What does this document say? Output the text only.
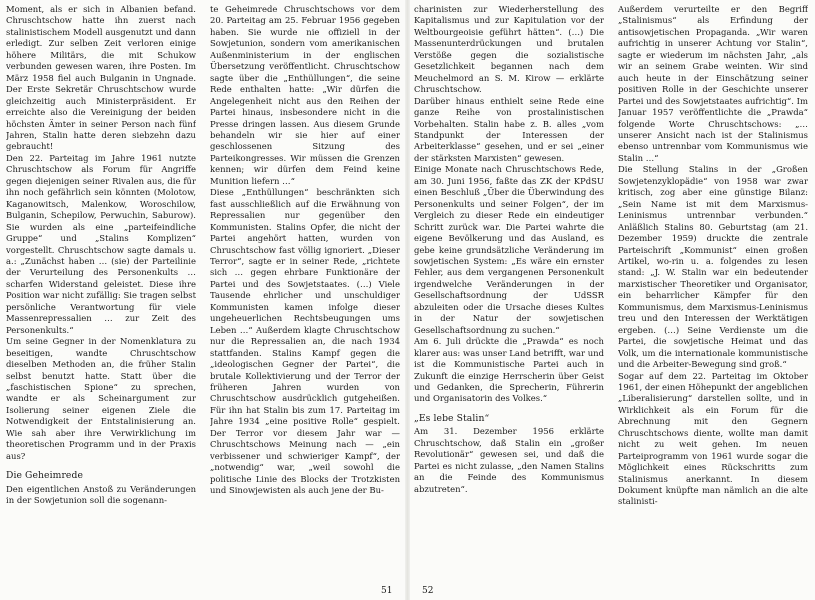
Moment, als er sich in Albanien befand. Chruschtschow hatte ihn zuerst nach stalinistischem Modell ausgenutzt und dann erledigt. Zur selben Zeit verloren einige höhere Militärs, die mit Schukow verbunden gewesen waren, ihre Posten. Im März 1958 fiel auch Bulganin in Ungnade. Der Erste Sekretär Chruschtschow wurde gleichzeitig auch Ministerpräsident. Er erreichte also die Vereinigung der beiden höchsten Ämter in seiner Person nach fünf Jahren, Stalin hatte deren siebzehn dazu gebraucht!

Den 22. Parteitag im Jahre 1961 nutzte Chruschtschow als Forum für Angriffe gegen diejenigen seiner Rivalen aus, die für ihn noch gefährlich sein könnten (Molotow, Kaganowitsch, Malenkow, Woroschilow, Bulganin, Schepilow, Perwuchin, Saburow). Sie wurden als eine „parteifeindliche Gruppe“ und „Stalins Komplizen“ vorgestellt. Chruschtschow sagte damals u. a.: „Zunächst haben … (sie) der Parteilinie der Verurteilung des Personenkults … scharfen Widerstand geleistet. Diese ihre Position war nicht zufällig: Sie tragen selbst persönliche Verantwortung für viele Massenrepressalien … zur Zeit des Personenkults.“

Um seine Gegner in der Nomenklatura zu beseitigen, wandte Chruschtschow dieselben Methoden an, die früher Stalin selbst benutzt hatte. Statt über die „faschistischen Spione“ zu sprechen, wandte er als Scheinargument zur Isolierung seiner eigenen Ziele die Notwendigkeit der Entstalinisierung an. Wie sah aber ihre Verwirklichung im theoretischen Programm und in der Praxis aus?

Die Geheimrede

Den eigentlichen Anstoß zu Veränderungen in der Sowjetunion soll die sogenann-

te Geheimrede Chruschtschows vor dem 20. Parteitag am 25. Februar 1956 gegeben haben. Sie wurde nie offiziell in der Sowjetunion, sondern vom amerikanischen Außenministerium in der englischen Übersetzung veröffentlicht. Chruschtschow sagte über die „Enthüllungen“, die seine Rede enthalten hatte: „Wir dürfen die Angelegenheit nicht aus den Reihen der Partei hinaus, insbesondere nicht in die Presse dringen lassen. Aus diesem Grunde behandeln wir sie hier auf einer geschlossenen Sitzung des Parteikongresses. Wir müssen die Grenzen kennen; wir dürfen dem Feind keine Munition liefern …“

Diese „Enthüllungen“ beschränkten sich fast ausschließlich auf die Erwähnung von Repressalien nur gegenüber den Kommunisten. Stalins Opfer, die nicht der Partei angehört hatten, wurden von Chruschtschow fast völlig ignoriert. „Dieser Terror“, sagte er in seiner Rede, „richtete sich … gegen ehrbare Funktionäre der Partei und des Sowjetstaates. (…) Viele Tausende ehrlicher und unschuldiger Kommunisten kamen infolge dieser ungeheuerlichen Rechtsbeugungen ums Leben …“ Außerdem klagte Chruschtschow nur die Repressalien an, die nach 1934 stattfanden. Stalins Kampf gegen die „ideologischen Gegner der Partei“, die brutale Kollektivierung und der Terror der früheren Jahren wurden von Chruschtschow ausdrücklich gutgeheißen. Für ihn hat Stalin bis zum 17. Parteitag im Jahre 1934 „eine positive Rolle“ gespielt. Der Terror vor diesem Jahr war — Chruschtschows Meinung nach — „ein verbissener und schwieriger Kampf“, der „notwendig“ war, „weil sowohl die politische Linie des Blocks der Trotzkisten und Sinowjewisten als auch jene der Bu-

51

charinisten zur Wiederherstellung des Kapitalismus und zur Kapitulation vor der Weltbourgeoisie geführt hätten“. (…) Die Massenunterdrückungen und brutalen Verstöße gegen die sozialistische Gesetzlichkeit begannen nach dem Meuchelmord an S. M. Kirow — erklärte Chruschtschow.

Darüber hinaus enthielt seine Rede eine ganze Reihe von prostalinistischen Vorbehalten. Stalin habe z. B. alles „vom Standpunkt der Interessen der Arbeiterklasse“ gesehen, und er sei „einer der stärksten Marxisten“ gewesen.

Einige Monate nach Chruschtschows Rede, am 30. Juni 1956, faßte das ZK der KPdSU einen Beschluß „Über die Überwindung des Personenkults und seiner Folgen“, der im Vergleich zu dieser Rede ein eindeutiger Schritt zurück war. Die Partei wahrte die eigene Bevölkerung und das Ausland, es gebe keine grundsätzliche Veränderung im sowjetischen System: „Es wäre ein ernster Fehler, aus dem vergangenen Personenkult irgendwelche Veränderungen in der Gesellschaftsordnung der UdSSR abzuleiten oder die Ursache dieses Kultes in der Natur der sowjetischen Gesellschaftsordnung zu suchen.“

Am 6. Juli drückte die „Prawda“ es noch klarer aus: was unser Land betrifft, war und ist die Kommunistische Partei auch in Zukunft die einzige Herrscherin über Geist und Gedanken, die Sprecherin, Führerin und Organisatorin des Volkes.“

„Es lebe Stalin“

Am 31. Dezember 1956 erklärte Chruschtschow, daß Stalin ein „großer Revolutionär“ gewesen sei, und daß die Partei es nicht zulasse, „den Namen Stalins an die Feinde des Kommunismus abzutreten“.

Außerdem verurteilte er den Begriff „Stalinismus“ als Erfindung der antisowjetischen Propaganda. „Wir waren aufrichtig in unserer Achtung vor Stalin“, sagte er wiederum im nächsten Jahr, „als wir an seinem Grabe weinten. Wir sind auch heute in der Einschätzung seiner positiven Rolle in der Geschichte unserer Partei und des Sowjetstaates aufrichtig“. Im Januar 1957 veröffentlichte die „Prawda“ folgende Worte Chruschtschows: „… unserer Ansicht nach ist der Stalinismus ebenso untrennbar vom Kommunismus wie Stalin …“

Die Stellung Stalins in der „Großen Sowjetenzyklopädie“ von 1958 war zwar kritisch, zog aber eine günstige Bilanz: „Sein Name ist mit dem Marxismus-Leninismus untrennbar verbunden.“ Anläßlich Stalins 80. Geburtstag (am 21. Dezember 1959) druckte die zentrale Parteischrift „Kommunist“ einen großen Artikel, wo-rin u. a. folgendes zu lesen stand: „J. W. Stalin war ein bedeutender marxistischer Theoretiker und Organisator, ein beharrlicher Kämpfer für den Kommunismus, dem Marxismus-Leninismus treu und den Interessen der Werktätigen ergeben. (…) Seine Verdienste um die Partei, die sowjetische Heimat und das Volk, um die internationale kommunistische und die Arbeiter-Bewegung sind groß.“

Sogar auf dem 22. Parteitag im Oktober 1961, der einen Höhepunkt der angeblichen „Liberalisierung“ darstellen sollte, und in Wirklichkeit als ein Forum für die Abrechnung mit den Gegnern Chruschtschows diente, wollte man damit nicht zu weit gehen. Im neuen Parteiprogramm von 1961 wurde sogar die Möglichkeit eines Rückschritts zum Stalinismus anerkannt. In diesem Dokument knüpfte man nämlich an die alte stalinisti-

52
